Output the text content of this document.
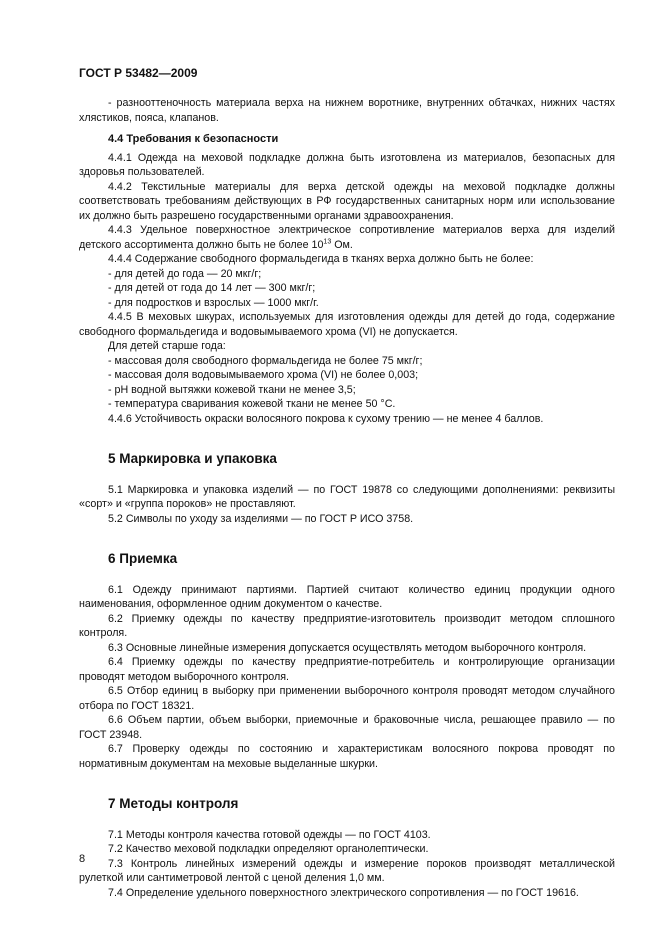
ГОСТ Р 53482—2009

- разнооттеночность материала верха на нижнем воротнике, внутренних обтачках, нижних частях хлястиков, пояса, клапанов.

4.4 Требования к безопасности

4.4.1 Одежда на меховой подкладке должна быть изготовлена из материалов, безопасных для здоровья пользователей.

4.4.2 Текстильные материалы для верха детской одежды на меховой подкладке должны соответствовать требованиям действующих в РФ государственных санитарных норм или использование их должно быть разрешено государственными органами здравоохранения.

4.4.3 Удельное поверхностное электрическое сопротивление материалов верха для изделий детского ассортимента должно быть не более $10^{13}$ Ом.

4.4.4 Содержание свободного формальдегида в тканях верха должно быть не более:

- для детей до года — 20 мкг/г;

- для детей от года до 14 лет — 300 мкг/г;

- для подростков и взрослых — 1000 мкг/г.

4.4.5 В меховых шкурах, используемых для изготовления одежды для детей до года, содержание свободного формальдегида и водовымываемого хрома (VI) не допускается.

Для детей старше года:

- массовая доля свободного формальдегида не более 75 мкг/г;

- массовая доля водовымываемого хрома (VI) не более 0,003;

- pH водной вытяжки кожевой ткани не менее 3,5;

- температура сваривания кожевой ткани не менее 50 °С.

4.4.6 Устойчивость окраски волосяного покрова к сухому трению — не менее 4 баллов.

5 Маркировка и упаковка

5.1 Маркировка и упаковка изделий — по ГОСТ 19878 со следующими дополнениями: реквизиты «сорт» и «группа пороков» не проставляют.

5.2 Символы по уходу за изделиями — по ГОСТ Р ИСО 3758.

6 Приемка

6.1 Одежду принимают партиями. Партией считают количество единиц продукции одного наименования, оформленное одним документом о качестве.

6.2 Приемку одежды по качеству предприятие-изготовитель производит методом сплошного контроля.

6.3 Основные линейные измерения допускается осуществлять методом выборочного контроля.

6.4 Приемку одежды по качеству предприятие-потребитель и контролирующие организации проводят методом выборочного контроля.

6.5 Отбор единиц в выборку при применении выборочного контроля проводят методом случайного отбора по ГОСТ 18321.

6.6 Объем партии, объем выборки, приемочные и браковочные числа, решающее правило — по ГОСТ 23948.

6.7 Проверку одежды по состоянию и характеристикам волосяного покрова проводят по нормативным документам на меховые выделанные шкурки.

7 Методы контроля

7.1 Методы контроля качества готовой одежды — по ГОСТ 4103.

7.2 Качество меховой подкладки определяют органолептически.

7.3 Контроль линейных измерений одежды и измерение пороков производят металлической рулеткой или сантиметровой лентой с ценой деления 1,0 мм.

7.4 Определение удельного поверхностного электрического сопротивления — по ГОСТ 19616.

8
